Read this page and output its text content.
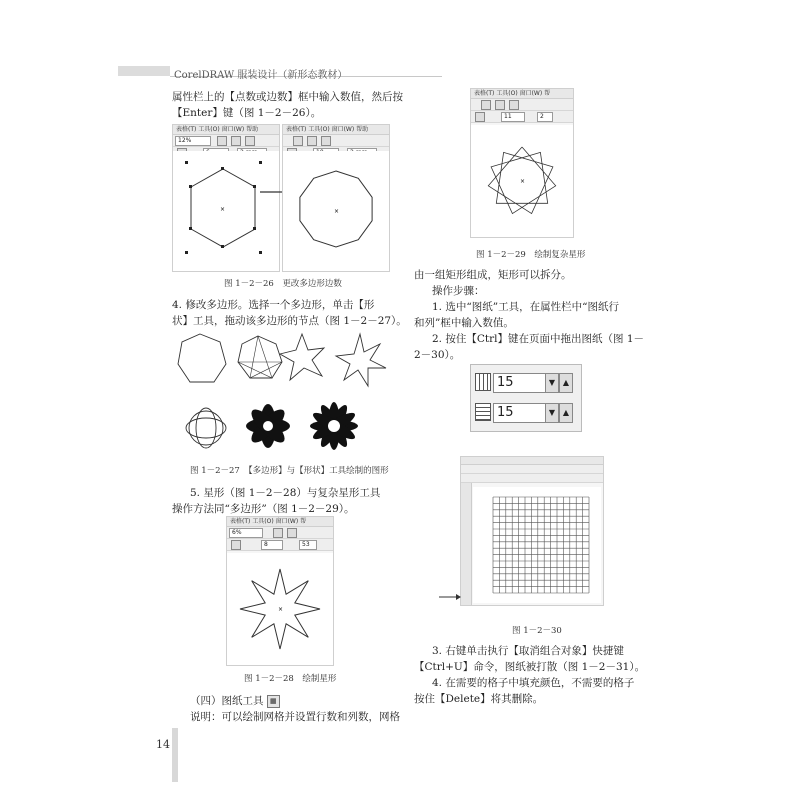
CorelDRAW 服装设计（新形态教材）
属性栏上的【点数或边数】框中输入数值，然后按
【Enter】键（图 1－2－26）。
表格(T) 工具(O) 窗口(W) 帮助
12%
6	2 mm
×
表格(T) 工具(O) 窗口(W) 帮助
10	2 mm
×
图 1－2－26　更改多边形边数
4. 修改多边形。选择一个多边形，单击【形
状】工具，拖动该多边形的节点（图 1－2－27）。
图 1－2－27　【多边形】与【形状】工具绘制的图形
5. 星形（图 1－2－28）与复杂星形工具
操作方法同“多边形”（图 1－2－29）。
表格(T) 工具(O) 窗口(W) 帮
6%
8	53
×
图 1－2－28　绘制星形
（四）图纸工具 ▦
说明：可以绘制网格并设置行数和列数，网格
14
表格(T) 工具(O) 窗口(W) 帮
11	2
×
图 1－2－29　绘制复杂星形
由一组矩形组成，矩形可以拆分。
操作步骤：
1. 选中“图纸”工具，在属性栏中“图纸行
和列”框中输入数值。
2. 按住【Ctrl】键在页面中拖出图纸（图 1－
2－30）。
15	▼ ▲
15	▼ ▲
图 1－2－30
3. 右键单击执行【取消组合对象】快捷键
【Ctrl+U】命令，图纸被打散（图 1－2－31）。
4. 在需要的格子中填充颜色，不需要的格子
按住【Delete】将其删除。
